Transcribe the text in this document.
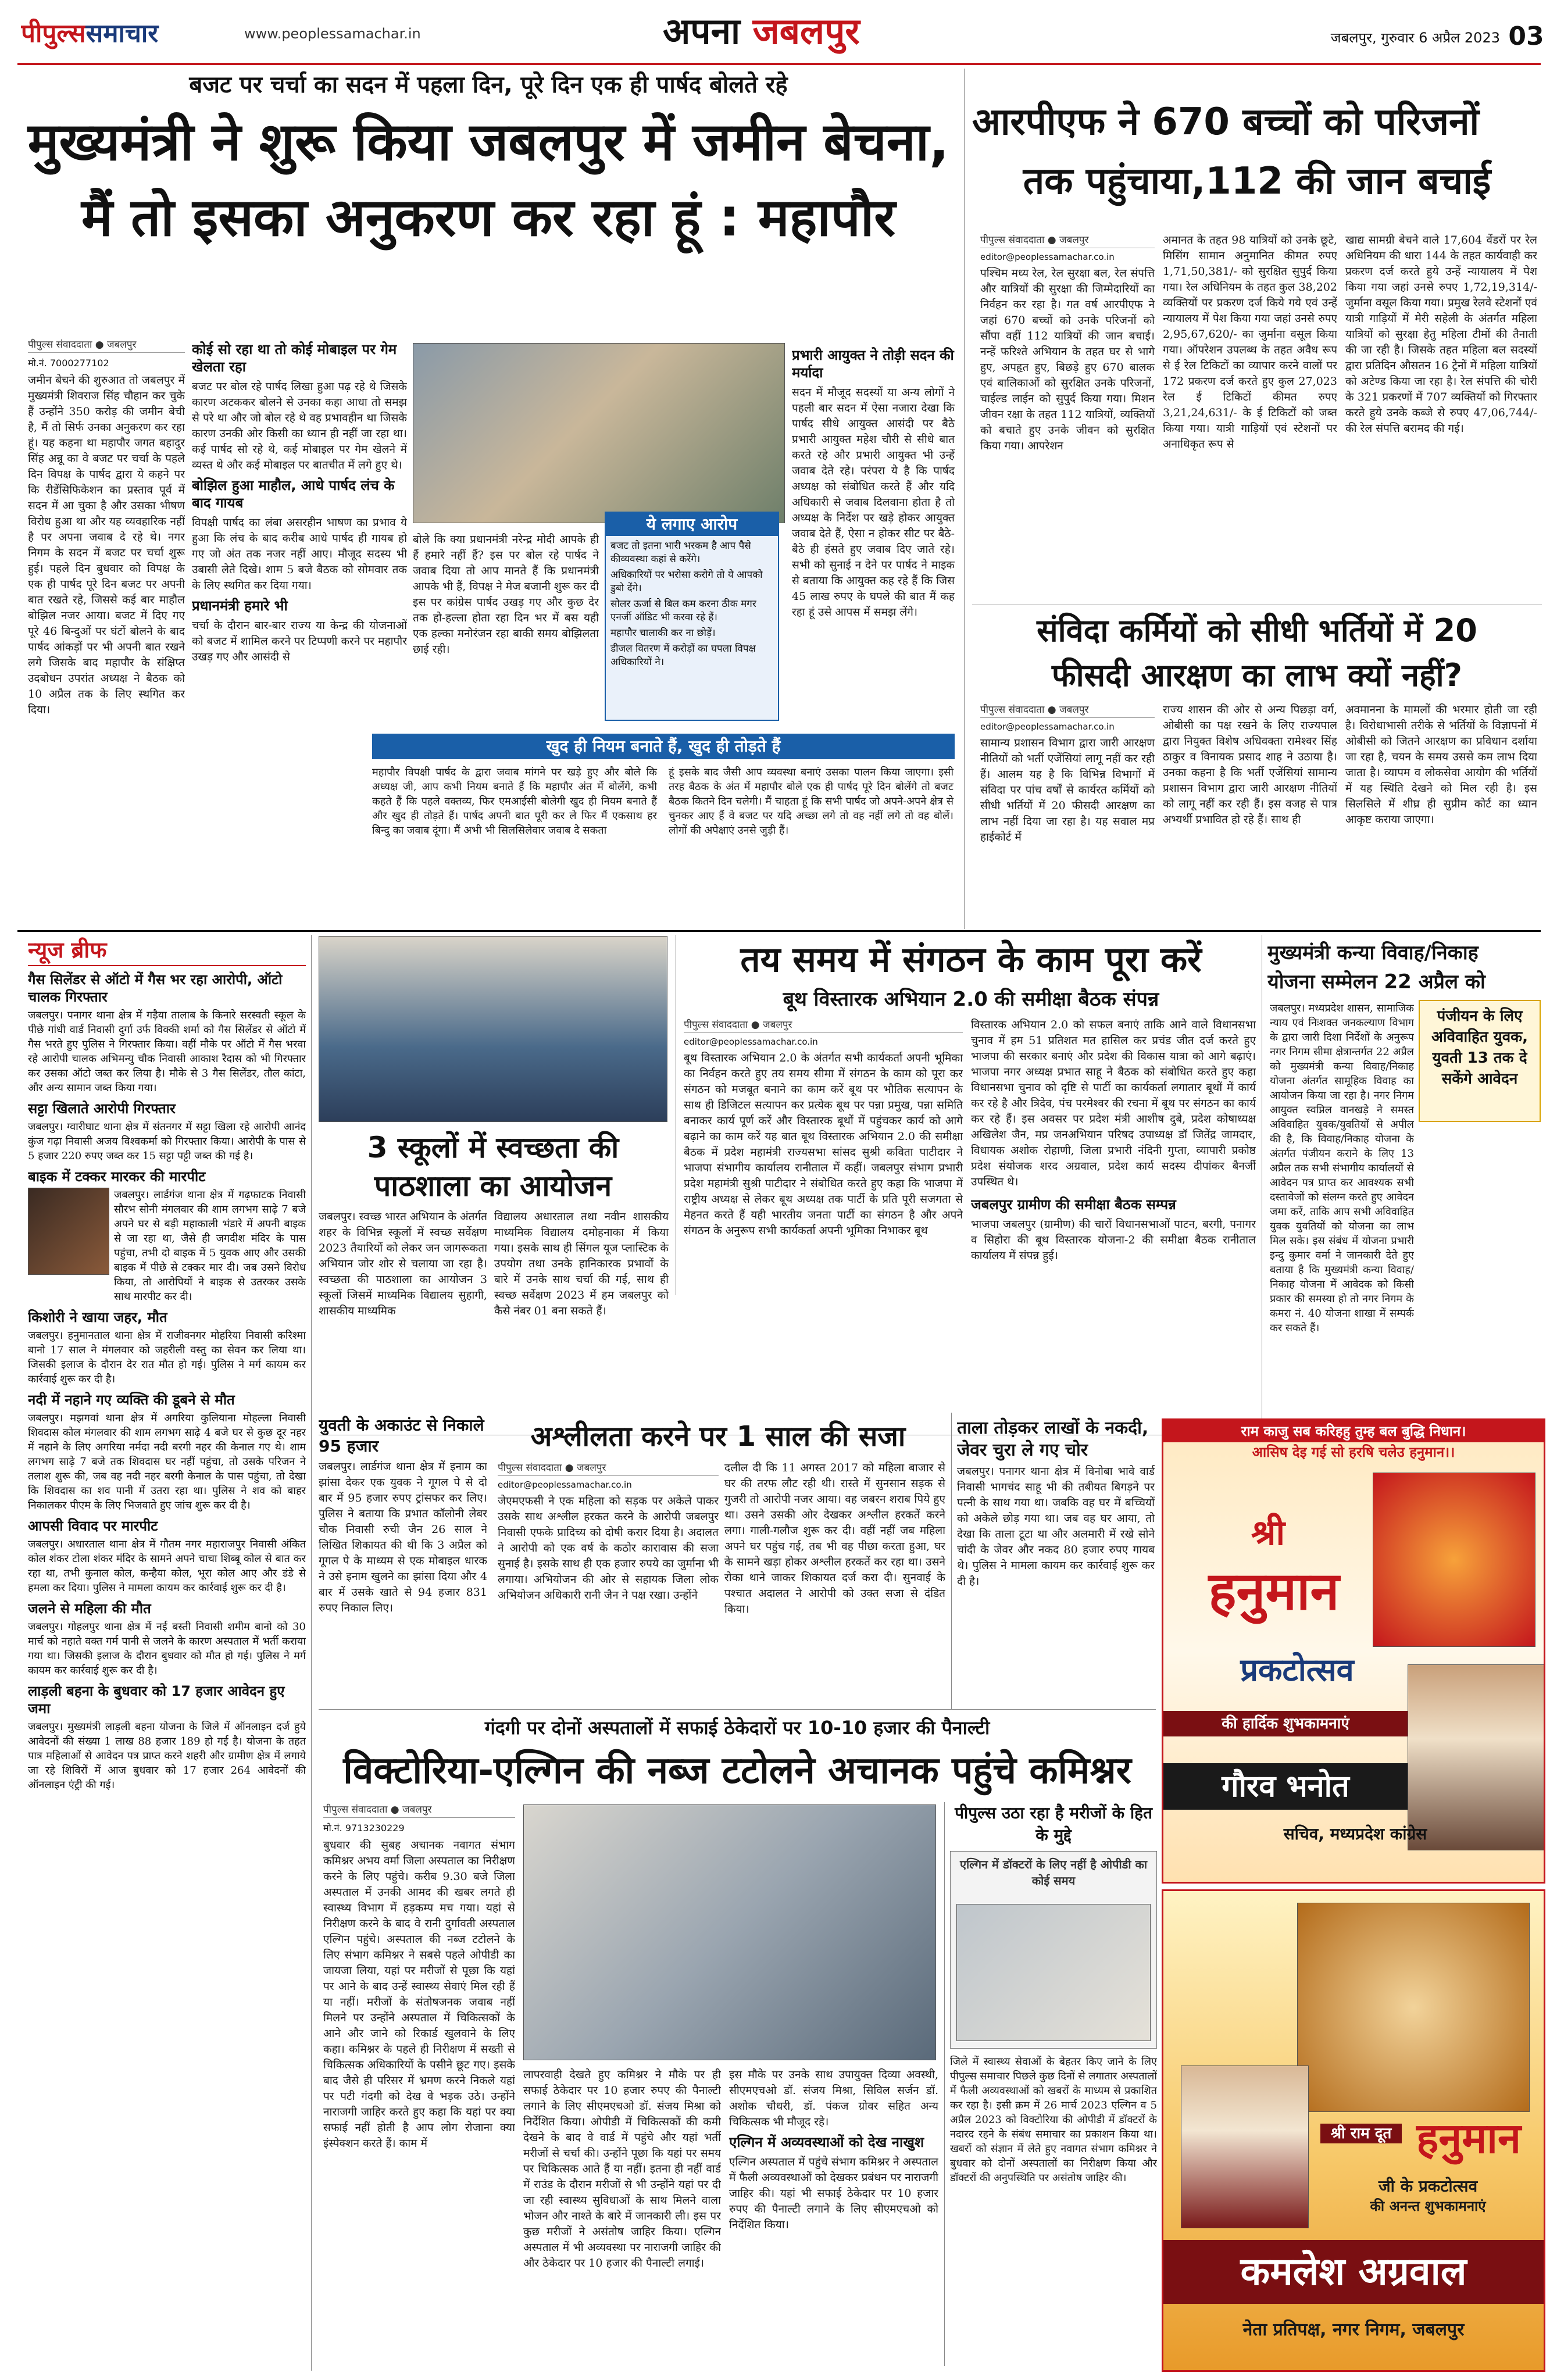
पीपुल्ससमाचार	www.peoplessamachar.in	अपना जबलपुर	जबलपुर, गुरुवार 6 अप्रैल 2023 03
बजट पर चर्चा का सदन में पहला दिन, पूरे दिन एक ही पार्षद बोलते रहे
मुख्यमंत्री ने शुरू किया जबलपुर में जमीन बेचना,
मैं तो इसका अनुकरण कर रहा हूं : महापौर
पीपुल्स संवाददाता ● जबलपुर
मो.नं. 7000277102
जमीन बेचने की शुरुआत तो जबलपुर में मुख्यमंत्री शिवराज सिंह चौहान कर चुके हैं उन्होंने 350 करोड़ की जमीन बेची है, मैं तो सिर्फ उनका अनुकरण कर रहा हूं। यह कहना था महापौर जगत बहादुर सिंह अन्नू का वे बजट पर चर्चा के पहले दिन विपक्ष के पार्षद द्वारा ये कहने पर कि रीडेंसिफिकेशन का प्रस्ताव पूर्व में सदन में आ चुका है और उसका भीषण विरोध हुआ था और यह व्यवहारिक नहीं है पर अपना जवाब दे रहे थे। नगर निगम के सदन में बजट पर चर्चा शुरू हुई। पहले दिन बुधवार को विपक्ष के एक ही पार्षद पूरे दिन बजट पर अपनी बात रखते रहे, जिससे कई बार माहौल बोझिल नजर आया। बजट में दिए गए पूरे 46 बिन्दुओं पर घंटों बोलने के बाद पार्षद आंकड़ों पर भी अपनी बात रखने लगे जिसके बाद महापौर के संक्षिप्त उदबोधन उपरांत अध्यक्ष ने बैठक को 10 अप्रैल तक के लिए स्थगित कर दिया।
कोई सो रहा था तो कोई मोबाइल पर गेम खेलता रहा
बजट पर बोल रहे पार्षद लिखा हुआ पढ़ रहे थे जिसके कारण अटककर बोलने से उनका कहा आधा तो समझ से परे था और जो बोल रहे थे वह प्रभावहीन था जिसके कारण उनकी ओर किसी का ध्यान ही नहीं जा रहा था। कई पार्षद सो रहे थे, कई मोबाइल पर गेम खेलने में व्यस्त थे और कई मोबाइल पर बातचीत में लगे हुए थे।
बोझिल हुआ माहौल, आधे पार्षद लंच के बाद गायब
विपक्षी पार्षद का लंबा असरहीन भाषण का प्रभाव ये हुआ कि लंच के बाद करीब आधे पार्षद ही गायब हो गए जो अंत तक नजर नहीं आए। मौजूद सदस्य भी उबासी लेते दिखे। शाम 5 बजे बैठक को सोमवार तक के लिए स्थगित कर दिया गया।
प्रधानमंत्री हमारे भी
चर्चा के दौरान बार-बार राज्य या केन्द्र की योजनाओं को बजट में शामिल करने पर टिप्पणी करने पर महापौर उखड़ गए और आसंदी से
ये लगाए आरोप
बजट तो इतना भारी भरकम है आप पैसे कीव्यवस्था कहां से करेंगे।
अधिकारियों पर भरोसा करोगे तो ये आपको डुबो देंगे।
सोलर ऊर्जा से बिल कम करना ठीक मगर एनर्जी ऑडिट भी करवा रहे हैं।
महापौर चालाकी कर ना छोड़ें।
डीजल वितरण में करोड़ों का घपला विपक्ष अधिकारियों ने।
बोले कि क्या प्रधानमंत्री नरेन्द्र मोदी आपके ही हैं हमारे नहीं हैं? इस पर बोल रहे पार्षद ने जवाब दिया तो आप मानते हैं कि प्रधानमंत्री आपके भी हैं, विपक्ष ने मेज बजानी शुरू कर दी इस पर कांग्रेस पार्षद उखड़ गए और कुछ देर तक हो-हल्ला होता रहा दिन भर में बस यही एक हल्का मनोरंजन रहा बाकी समय बोझिलता छाई रही।
प्रभारी आयुक्त ने तोड़ी सदन की मर्यादा
सदन में मौजूद सदस्यों या अन्य लोगों ने पहली बार सदन में ऐसा नजारा देखा कि पार्षद सीधे आयुक्त आसंदी पर बैठे प्रभारी आयुक्त महेश चौरी से सीधे बात करते रहे और प्रभारी आयुक्त भी उन्हें जवाब देते रहे। परंपरा ये है कि पार्षद अध्यक्ष को संबोधित करते हैं और यदि अधिकारी से जवाब दिलवाना होता है तो अध्यक्ष के निर्देश पर खड़े होकर आयुक्त जवाब देते हैं, ऐसा न होकर सीट पर बैठे-बैठे ही हंसते हुए जवाब दिए जाते रहे। सभी को सुनाई न देने पर पार्षद ने माइक से बताया कि आयुक्त कह रहे हैं कि जिस 45 लाख रुपए के घपले की बात मैं कह रहा हूं उसे आपस में समझ लेंगे।
खुद ही नियम बनाते हैं, खुद ही तोड़ते हैं
महापौर विपक्षी पार्षद के द्वारा जवाब मांगने पर खड़े हुए और बोले कि अध्यक्ष जी, आप कभी नियम बनाते हैं कि महापौर अंत में बोलेंगे, कभी कहते हैं कि पहले वक्तव्य, फिर एमआईसी बोलेगी खुद ही नियम बनाते हैं और खुद ही तोड़ते हैं। पार्षद अपनी बात पूरी कर ले फिर मैं एकसाथ हर बिन्दु का जवाब दूंगा। मैं अभी भी सिलसिलेवार जवाब दे सकता
हूं इसके बाद जैसी आप व्यवस्था बनाएं उसका पालन किया जाएगा। इसी तरह बैठक के अंत में महापौर बोले एक ही पार्षद पूरे दिन बोलेंगे तो बजट बैठक कितने दिन चलेगी। मैं चाहता हूं कि सभी पार्षद जो अपने-अपने क्षेत्र से चुनकर आए हैं वे बजट पर यदि अच्छा लगे तो वह नहीं लगे तो वह बोलें। लोगों की अपेक्षाएं उनसे जुड़ी हैं।
आरपीएफ ने 670 बच्चों को परिजनों
तक पहुंचाया,112 की जान बचाई
पीपुल्स संवाददाता ● जबलपुर
editor@peoplessamachar.co.in
पश्चिम मध्य रेल, रेल सुरक्षा बल, रेल संपत्ति और यात्रियों की सुरक्षा की जिम्मेदारियों का निर्वहन कर रहा है। गत वर्ष आरपीएफ ने जहां 670 बच्चों को उनके परिजनों को सौंपा वहीं 112 यात्रियों की जान बचाई। नन्हें फरिश्ते अभियान के तहत घर से भागे हुए, अपहृत हुए, बिछड़े हुए 670 बालक एवं बालिकाओं को सुरक्षित उनके परिजनों, चाईल्ड लाईन को सुपुर्द किया गया। मिशन जीवन रक्षा के तहत 112 यात्रियों, व्यक्तियों को बचाते हुए उनके जीवन को सुरक्षित किया गया। आपरेशन
अमानत के तहत 98 यात्रियों को उनके छूटे, मिसिंग सामान अनुमानित कीमत रुपए 1,71,50,381/- को सुरक्षित सुपुर्द किया गया। रेल अधिनियम के तहत कुल 38,202 व्यक्तियों पर प्रकरण दर्ज किये गये एवं उन्हें न्यायालय में पेश किया गया जहां उनसे रुपए 2,95,67,620/- का जुर्माना वसूल किया गया। ऑपरेशन उपलब्ध के तहत अवैध रूप से ई रेल टिकिटों का व्यापार करने वालों पर 172 प्रकरण दर्ज करते हुए कुल 27,023 रेल ई टिकिटों कीमत रुपए 3,21,24,631/- के ई टिकिटों को जब्त किया गया। यात्री गाड़ियों एवं स्टेशनों पर अनाधिकृत रूप से
खाद्य सामग्री बेचने वाले 17,604 वेंडरों पर रेल अधिनियम की धारा 144 के तहत कार्यवाही कर प्रकरण दर्ज करते हुये उन्हें न्यायालय में पेश किया गया जहां उनसे रुपए 1,72,19,314/- जुर्माना वसूल किया गया। प्रमुख रेलवे स्टेशनों एवं यात्री गाड़ियों में मेरी सहेली के अंतर्गत महिला यात्रियों को सुरक्षा हेतु महिला टीमों की तैनाती की जा रही है। जिसके तहत महिला बल सदस्यों द्वारा प्रतिदिन औसतन 16 ट्रेनों में महिला यात्रियों को अटेण्ड किया जा रहा है। रेल संपत्ति की चोरी के 321 प्रकरणों में 707 व्यक्तियों को गिरफ्तार करते हुये उनके कब्जे से रुपए 47,06,744/- की रेल संपत्ति बरामद की गई।
संविदा कर्मियों को सीधी भर्तियों में 20
फीसदी आरक्षण का लाभ क्यों नहीं?
पीपुल्स संवाददाता ● जबलपुर
editor@peoplessamachar.co.in
सामान्य प्रशासन विभाग द्वारा जारी आरक्षण नीतियों को भर्ती एजेंसियां लागू नहीं कर रही हैं। आलम यह है कि विभिन्न विभागों में संविदा पर पांच वर्षों से कार्यरत कर्मियों को सीधी भर्तियों में 20 फीसदी आरक्षण का लाभ नहीं दिया जा रहा है। यह सवाल मप्र हाईकोर्ट में
राज्य शासन की ओर से अन्य पिछड़ा वर्ग, ओबीसी का पक्ष रखने के लिए राज्यपाल द्वारा नियुक्त विशेष अधिवक्ता रामेश्वर सिंह ठाकुर व विनायक प्रसाद शाह ने उठाया है। उनका कहना है कि भर्ती एजेंसियां सामान्य प्रशासन विभाग द्वारा जारी आरक्षण नीतियों को लागू नहीं कर रही हैं। इस वजह से पात्र अभ्यर्थी प्रभावित हो रहे हैं। साथ ही
अवमानना के मामलों की भरमार होती जा रही है। विरोधाभासी तरीके से भर्तियों के विज्ञापनों में ओबीसी को जितने आरक्षण का प्रविधान दर्शाया जा रहा है, चयन के समय उससे कम लाभ दिया जाता है। व्यापम व लोकसेवा आयोग की भर्तियों में यह स्थिति देखने को मिल रही है। इस सिलसिले में शीघ्र ही सुप्रीम कोर्ट का ध्यान आकृष्ट कराया जाएगा।
न्यूज ब्रीफ
गैस सिलेंडर से ऑटो में गैस भर रहा आरोपी, ऑटो चालक गिरफ्तार
जबलपुर। पनागर थाना क्षेत्र में गड़ैया तालाब के किनारे सरस्वती स्कूल के पीछे गांधी वार्ड निवासी दुर्गा उर्फ विक्की शर्मा को गैस सिलेंडर से ऑटो में गैस भरते हुए पुलिस ने गिरफ्तार किया। वहीं मौके पर ऑटो में गैस भरवा रहे आरोपी चालक अभिमन्यु चौक निवासी आकाश रैदास को भी गिरफ्तार कर उसका ऑटो जब्त कर लिया है। मौके से 3 गैस सिलेंडर, तौल कांटा, और अन्य सामान जब्त किया गया।
सट्टा खिलाते आरोपी गिरफ्तार
जबलपुर। ग्वारीघाट थाना क्षेत्र में संतनगर में सट्टा खिला रहे आरोपी आनंद कुंज गढ़ा निवासी अजय विश्वकर्मा को गिरफ्तार किया। आरोपी के पास से 5 हजार 220 रुपए जब्त कर 15 सट्टा पट्टी जब्त की गई है।
बाइक में टक्कर मारकर की मारपीट
जबलपुर। लार्डगंज थाना क्षेत्र में गढ़फाटक निवासी सौरभ सोनी मंगलवार की शाम लगभग साढ़े 7 बजे अपने घर से बड़ी महाकाली भंडारे में अपनी बाइक से जा रहा था, जैसे ही जगदीश मंदिर के पास पहुंचा, तभी दो बाइक में 5 युवक आए और उसकी बाइक में पीछे से टक्कर मार दी। जब उसने विरोध किया, तो आरोपियों ने बाइक से उतरकर उसके साथ मारपीट कर दी।
किशोरी ने खाया जहर, मौत
जबलपुर। हनुमानताल थाना क्षेत्र में राजीवनगर मोहरिया निवासी करिश्मा बानो 17 साल ने मंगलवार को जहरीली वस्तु का सेवन कर लिया था। जिसकी इलाज के दौरान देर रात मौत हो गई। पुलिस ने मर्ग कायम कर कार्रवाई शुरू कर दी है।
नदी में नहाने गए व्यक्ति की डूबने से मौत
जबलपुर। मझगवां थाना क्षेत्र में अगरिया कुलियाना मोहल्ला निवासी शिवदास कोल मंगलवार की शाम लगभग साढ़े 4 बजे घर से कुछ दूर नहर में नहाने के लिए अगरिया नर्मदा नदी बरगी नहर की केनाल गए थे। शाम लगभग साढ़े 7 बजे तक शिवदास घर नहीं पहुंचा, तो उसके परिजन ने तलाश शुरू की, जब वह नदी नहर बरगी केनाल के पास पहुंचा, तो देखा कि शिवदास का शव पानी में उतरा रहा था। पुलिस ने शव को बाहर निकालकर पीएम के लिए भिजवाते हुए जांच शुरू कर दी है।
आपसी विवाद पर मारपीट
जबलपुर। अधारताल थाना क्षेत्र में गौतम नगर महाराजपुर निवासी अंकित कोल शंकर टोला शंकर मंदिर के सामने अपने चाचा शिब्बू कोल से बात कर रहा था, तभी कुनाल कोल, कन्हैया कोल, भूरा कोल आए और डंडे से हमला कर दिया। पुलिस ने मामला कायम कर कार्रवाई शुरू कर दी है।
जलने से महिला की मौत
जबलपुर। गोहलपुर थाना क्षेत्र में नई बस्ती निवासी शमीम बानो को 30 मार्च को नहाते वक्त गर्म पानी से जलने के कारण अस्पताल में भर्ती कराया गया था। जिसकी इलाज के दौरान बुधवार को मौत हो गई। पुलिस ने मर्ग कायम कर कार्रवाई शुरू कर दी है।
लाड़ली बहना के बुधवार को 17 हजार आवेदन हुए जमा
जबलपुर। मुख्यमंत्री लाड़ली बहना योजना के जिले में ऑनलाइन दर्ज हुये आवेदनों की संख्या 1 लाख 88 हजार 189 हो गई है। योजना के तहत पात्र महिलाओं से आवेदन पत्र प्राप्त करने शहरी और ग्रामीण क्षेत्र में लगाये जा रहे शिविरों में आज बुधवार को 17 हजार 264 आवेदनों की ऑनलाइन एंट्री की गई।
3 स्कूलों में स्वच्छता की
पाठशाला का आयोजन
जबलपुर। स्वच्छ भारत अभियान के अंतर्गत शहर के विभिन्न स्कूलों में स्वच्छ सर्वेक्षण 2023 तैयारियों को लेकर जन जागरूकता अभियान जोर शोर से चलाया जा रहा है। स्वच्छता की पाठशाला का आयोजन 3 स्कूलों जिसमें माध्यमिक विद्यालय सुहागी, शासकीय माध्यमिक
विद्यालय अधारताल तथा नवीन शासकीय माध्यमिक विद्यालय दमोहनाका में किया गया। इसके साथ ही सिंगल यूज प्लास्टिक के उपयोग तथा उनके हानिकारक प्रभावों के बारे में उनके साथ चर्चा की गई, साथ ही स्वच्छ सर्वेक्षण 2023 में हम जबलपुर को कैसे नंबर 01 बना सकते हैं।
तय समय में संगठन के काम पूरा करें
बूथ विस्तारक अभियान 2.0 की समीक्षा बैठक संपन्न
पीपुल्स संवाददाता ● जबलपुर
editor@peoplessamachar.co.in
बूथ विस्तारक अभियान 2.0 के अंतर्गत सभी कार्यकर्ता अपनी भूमिका का निर्वहन करते हुए तय समय सीमा में संगठन के काम को पूरा कर संगठन को मजबूत बनाने का काम करें बूथ पर भौतिक सत्यापन के साथ ही डिजिटल सत्यापन कर प्रत्येक बूथ पर पन्ना प्रमुख, पन्ना समिति बनाकर कार्य पूर्ण करें और विस्तारक बूथों में पहुंचकर कार्य को आगे बढ़ाने का काम करें यह बात बूथ विस्तारक अभियान 2.0 की समीक्षा बैठक में प्रदेश महामंत्री राज्यसभा सांसद सुश्री कविता पाटीदार ने भाजपा संभागीय कार्यालय रानीताल में कहीं। जबलपुर संभाग प्रभारी प्रदेश महामंत्री सुश्री पाटीदार ने संबोधित करते हुए कहा कि भाजपा में राष्ट्रीय अध्यक्ष से लेकर बूथ अध्यक्ष तक पार्टी के प्रति पूरी सजगता से मेहनत करते हैं यही भारतीय जनता पार्टी का संगठन है और अपने संगठन के अनुरूप सभी कार्यकर्ता अपनी भूमिका निभाकर बूथ
विस्तारक अभियान 2.0 को सफल बनाएं ताकि आने वाले विधानसभा चुनाव में हम 51 प्रतिशत मत हासिल कर प्रचंड जीत दर्ज करते हुए भाजपा की सरकार बनाएं और प्रदेश की विकास यात्रा को आगे बढ़ाएं। भाजपा नगर अध्यक्ष प्रभात साहू ने बैठक को संबोधित करते हुए कहा विधानसभा चुनाव को दृष्टि से पार्टी का कार्यकर्ता लगातार बूथों में कार्य कर रहे है और त्रिदेव, पंच परमेश्वर की रचना में बूथ पर संगठन का कार्य कर रहे हैं। इस अवसर पर प्रदेश मंत्री आशीष दुबे, प्रदेश कोषाध्यक्ष अखिलेश जैन, मप्र जनअभियान परिषद उपाध्यक्ष डॉ जितेंद्र जामदार, विधायक अशोक रोहाणी, जिला प्रभारी नंदिनी गुप्ता, व्यापारी प्रकोष्ठ प्रदेश संयोजक शरद अग्रवाल, प्रदेश कार्य सदस्य दीपांकर बैनर्जी उपस्थित थे।
जबलपुर ग्रामीण की समीक्षा बैठक सम्पन्न
भाजपा जबलपुर (ग्रामीण) की चारों विधानसभाओं पाटन, बरगी, पनागर व सिहोरा की बूथ विस्तारक योजना-2 की समीक्षा बैठक रानीताल कार्यालय में संपन्न हुई।
मुख्यमंत्री कन्या विवाह/निकाह
योजना सम्मेलन 22 अप्रैल को
पंजीयन के लिए अविवाहित युवक, युवती 13 तक दे सकेंगे आवेदन
जबलपुर। मध्यप्रदेश शासन, सामाजिक न्याय एवं निःशक्त जनकल्याण विभाग के द्वारा जारी दिशा निर्देशों के अनुरूप नगर निगम सीमा क्षेत्रान्तर्गत 22 अप्रैल को मुख्यमंत्री कन्या विवाह/निकाह योजना अंतर्गत सामूहिक विवाह का आयोजन किया जा रहा है। नगर निगम आयुक्त स्वप्निल वानखड़े ने समस्त अविवाहित युवक/युवतियों से अपील की है, कि विवाह/निकाह योजना के अंतर्गत पंजीयन कराने के लिए 13 अप्रैल तक सभी संभागीय कार्यालयों से आवेदन पत्र प्राप्त कर आवश्यक सभी दस्तावेजों को संलग्न करते हुए आवेदन जमा करें, ताकि आप सभी अविवाहित युवक युवतियों को योजना का लाभ मिल सके। इस संबंध में योजना प्रभारी इन्दु कुमार वर्मा ने जानकारी देते हुए बताया है कि मुख्यमंत्री कन्या विवाह/निकाह योजना में आवेदक को किसी प्रकार की समस्या हो तो नगर निगम के कमरा नं. 40 योजना शाखा में सम्पर्क कर सकते हैं।
युवती के अकाउंट से निकाले 95 हजार
जबलपुर। लार्डगंज थाना क्षेत्र में इनाम का झांसा देकर एक युवक ने गूगल पे से दो बार में 95 हजार रुपए ट्रांसफर कर लिए। पुलिस ने बताया कि प्रभात कॉलोनी लेबर चौक निवासी रुची जैन 26 साल ने लिखित शिकायत की थी कि 3 अप्रैल को गूगल पे के माध्यम से एक मोबाइल धारक ने उसे इनाम खुलने का झांसा दिया और 4 बार में उसके खाते से 94 हजार 831 रुपए निकाल लिए।
अश्लीलता करने पर 1 साल की सजा
पीपुल्स संवाददाता ● जबलपुर
editor@peoplessamachar.co.in
जेएमएफसी ने एक महिला को सड़क पर अकेले पाकर उसके साथ अश्लील हरकत करने के आरोपी जबलपुर निवासी एफके प्रादिच्य को दोषी करार दिया है। अदालत ने आरोपी को एक वर्ष के कठोर कारावास की सजा सुनाई है। इसके साथ ही एक हजार रुपये का जुर्माना भी लगाया। अभियोजन की ओर से सहायक जिला लोक अभियोजन अधिकारी रानी जैन ने पक्ष रखा। उन्होंने
दलील दी कि 11 अगस्त 2017 को महिला बाजार से घर की तरफ लौट रही थी। रास्ते में सुनसान सड़क से गुजरी तो आरोपी नजर आया। वह जबरन शराब पिये हुए था। उसने उसकी ओर देखकर अश्लील हरकतें करने लगा। गाली-गलौज शुरू कर दी। वहीं नहीं जब महिला अपने घर पहुंच गई, तब भी वह पीछा करता हुआ, घर के सामने खड़ा होकर अश्लील हरकतें कर रहा था। उसने रोका थाने जाकर शिकायत दर्ज करा दी। सुनवाई के पश्चात अदालत ने आरोपी को उक्त सजा से दंडित किया।
ताला तोड़कर लाखों के नकदी, जेवर चुरा ले गए चोर
जबलपुर। पनागर थाना क्षेत्र में विनोबा भावे वार्ड निवासी भागचंद साहू भी की तबीयत बिगड़ने पर पत्नी के साथ गया था। जबकि वह घर में बच्चियों को अकेले छोड़ गया था। जब वह घर आया, तो देखा कि ताला टूटा था और अलमारी में रखे सोने चांदी के जेवर और नकद 80 हजार रुपए गायब थे। पुलिस ने मामला कायम कर कार्रवाई शुरू कर दी है।
राम काजु सब करिहहु तुम्ह बल बुद्धि निधान।
आसिष देइ गई सो हरषि चलेउ हनुमान।।
श्री
हनुमान
प्रकटोत्सव
की हार्दिक शुभकामनाएं
गौरव भनोत
सचिव, मध्यप्रदेश कांग्रेस
गंदगी पर दोनों अस्पतालों में सफाई ठेकेदारों पर 10-10 हजार की पैनाल्टी
विक्टोरिया-एल्गिन की नब्ज टटोलने अचानक पहुंचे कमिश्नर
पीपुल्स संवाददाता ● जबलपुर
मो.नं. 9713230229
बुधवार की सुबह अचानक नवागत संभाग कमिश्नर अभय वर्मा जिला अस्पताल का निरीक्षण करने के लिए पहुंचे। करीब 9.30 बजे जिला अस्पताल में उनकी आमद की खबर लगते ही स्वास्थ्य विभाग में हड़कम्प मच गया। यहां से निरीक्षण करने के बाद वे रानी दुर्गावती अस्पताल एल्गिन पहुंचे। अस्पताल की नब्ज टटोलने के लिए संभाग कमिश्नर ने सबसे पहले ओपीडी का जायजा लिया, यहां पर मरीजों से पूछा कि यहां पर आने के बाद उन्हें स्वास्थ्य सेवाएं मिल रही हैं या नहीं। मरीजों के संतोषजनक जवाब नहीं मिलने पर उन्होंने अस्पताल में चिकित्सकों के आने और जाने को रिकार्ड खुलवाने के लिए कहा। कमिश्नर के पहले ही निरीक्षण में सख्ती से चिकित्सक अधिकारियों के पसीने छूट गए। इसके बाद जैसे ही परिसर में भ्रमण करने निकले यहां पर पटी गंदगी को देख वे भड़क उठे। उन्होंने नाराजगी जाहिर करते हुए कहा कि यहां पर क्या सफाई नहीं होती है आप लोग रोजाना क्या इंस्पेक्शन करते हैं। काम में
लापरवाही देखते हुए कमिश्नर ने मौके पर ही सफाई ठेकेदार पर 10 हजार रुपए की पैनाल्टी लगाने के लिए सीएमएचओ डॉ. संजय मिश्रा को निर्देशित किया। ओपीडी में चिकित्सकों की कमी देखने के बाद वे वार्ड में पहुंचे और यहां भर्ती मरीजों से चर्चा की। उन्होंने पूछा कि यहां पर समय पर चिकित्सक आते हैं या नहीं। इतना ही नहीं वार्ड में राउंड के दौरान मरीजों से भी उन्होंने यहां पर दी जा रही स्वास्थ्य सुविधाओं के साथ मिलने वाला भोजन और नाश्ते के बारे में जानकारी ली। इस पर कुछ मरीजों ने असंतोष जाहिर किया। एल्गिन अस्पताल में भी अव्यवस्था पर नाराजगी जाहिर की और ठेकेदार पर 10 हजार की पैनाल्टी लगाई।
इस मौके पर उनके साथ उपायुक्त दिव्या अवस्थी, सीएमएचओ डॉ. संजय मिश्रा, सिविल सर्जन डॉ. अशोक चौधरी, डॉ. पंकज ग्रोवर सहित अन्य चिकित्सक भी मौजूद रहे।
एल्गिन में अव्यवस्थाओं को देख नाखुश
एल्गिन अस्पताल में पहुंचे संभाग कमिश्नर ने अस्पताल में फैली अव्यवस्थाओं को देखकर प्रबंधन पर नाराजगी जाहिर की। यहां भी सफाई ठेकेदार पर 10 हजार रुपए की पैनाल्टी लगाने के लिए सीएमएचओ को निर्देशित किया।
पीपुल्स उठा रहा है मरीजों के हित के मुद्दे
एल्गिन में डॉक्टरों के लिए नहीं है ओपीडी का कोई समय
जिले में स्वास्थ्य सेवाओं के बेहतर किए जाने के लिए पीपुल्स समाचार पिछले कुछ दिनों से लगातार अस्पतालों में फैली अव्यवस्थाओं को खबरों के माध्यम से प्रकाशित कर रहा है। इसी क्रम में 26 मार्च 2023 एल्गिन व 5 अप्रैल 2023 को विक्टोरिया की ओपीडी में डॉक्टरों के नदारद रहने के संबंध समाचार का प्रकाशन किया था। खबरों को संज्ञान में लेते हुए नवागत संभाग कमिश्नर ने बुधवार को दोनों अस्पतालों का निरीक्षण किया और डॉक्टरों की अनुपस्थिति पर असंतोष जाहिर की।
श्री राम दूत हनुमान
जी के प्रकटोत्सव
की अनन्त शुभकामनाएं
कमलेश अग्रवाल
नेता प्रतिपक्ष, नगर निगम, जबलपुर
